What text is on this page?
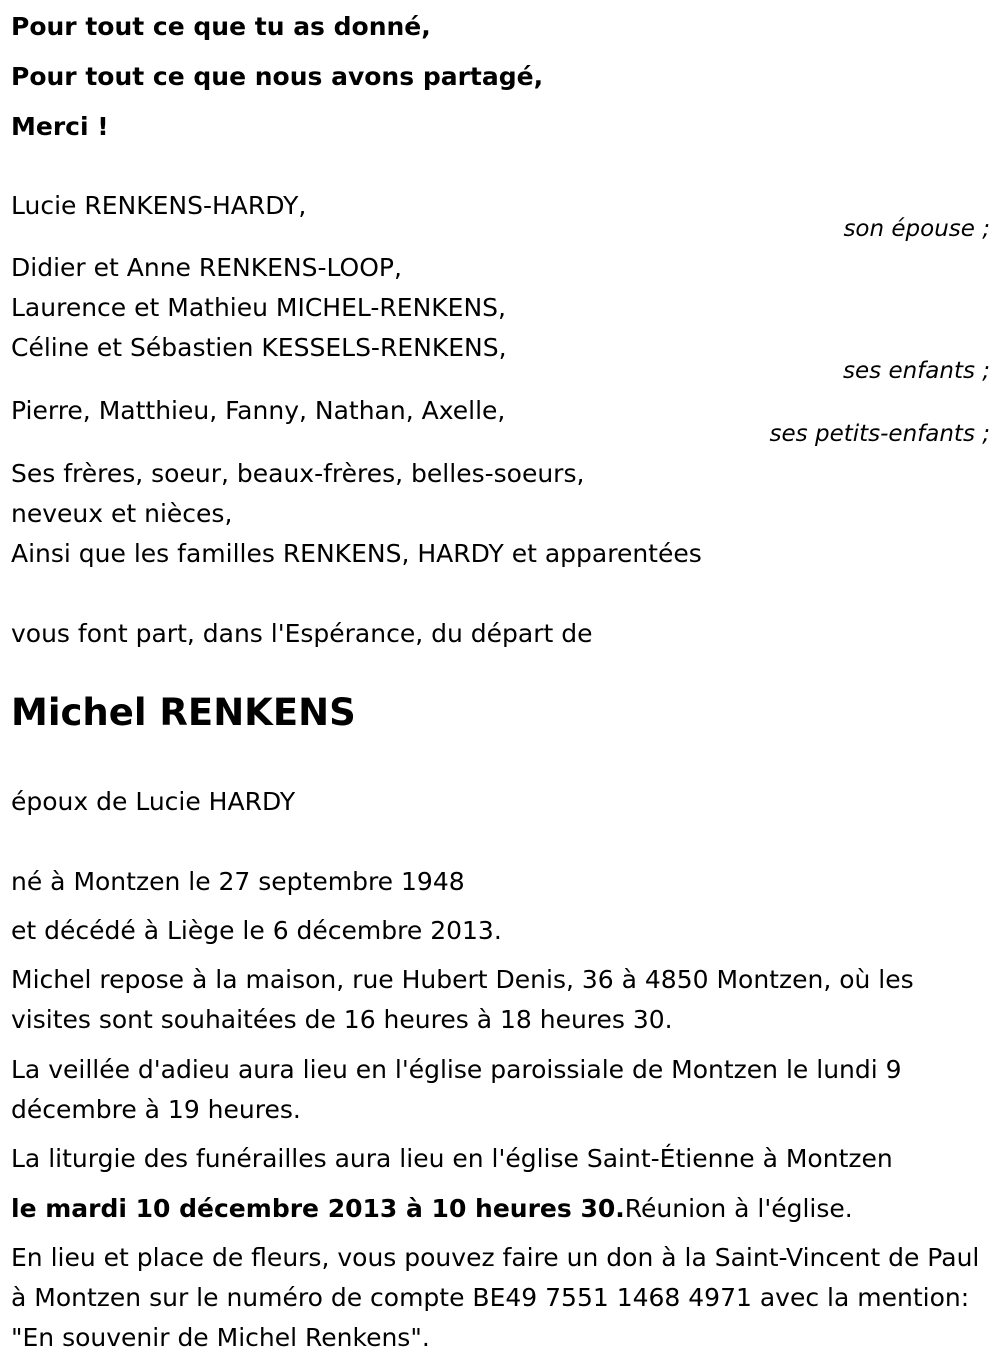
Pour tout ce que tu as donné,
Pour tout ce que nous avons partagé,
Merci !
Lucie RENKENS-HARDY,
son épouse ;
Didier et Anne RENKENS-LOOP,
Laurence et Mathieu MICHEL-RENKENS,
Céline et Sébastien KESSELS-RENKENS,
ses enfants ;
Pierre, Matthieu, Fanny, Nathan, Axelle,
ses petits-enfants ;
Ses frères, soeur, beaux-frères, belles-soeurs,
neveux et nièces,
Ainsi que les familles RENKENS, HARDY et apparentées
vous font part, dans l'Espérance, du départ de
Michel RENKENS
époux de Lucie HARDY
né à Montzen le 27 septembre 1948
et décédé à Liège le 6 décembre 2013.
Michel repose à la maison, rue Hubert Denis, 36 à 4850 Montzen, où les visites sont souhaitées de 16 heures à 18 heures 30.
La veillée d'adieu aura lieu en l'église paroissiale de Montzen le lundi 9 décembre à 19 heures.
La liturgie des funérailles aura lieu en l'église Saint-Étienne à Montzen
le mardi 10 décembre 2013 à 10 heures 30.Réunion à l'église.
En lieu et place de fleurs, vous pouvez faire un don à la Saint-Vincent de Paul à Montzen sur le numéro de compte BE49 7551 1468 4971 avec la mention: "En souvenir de Michel Renkens".
